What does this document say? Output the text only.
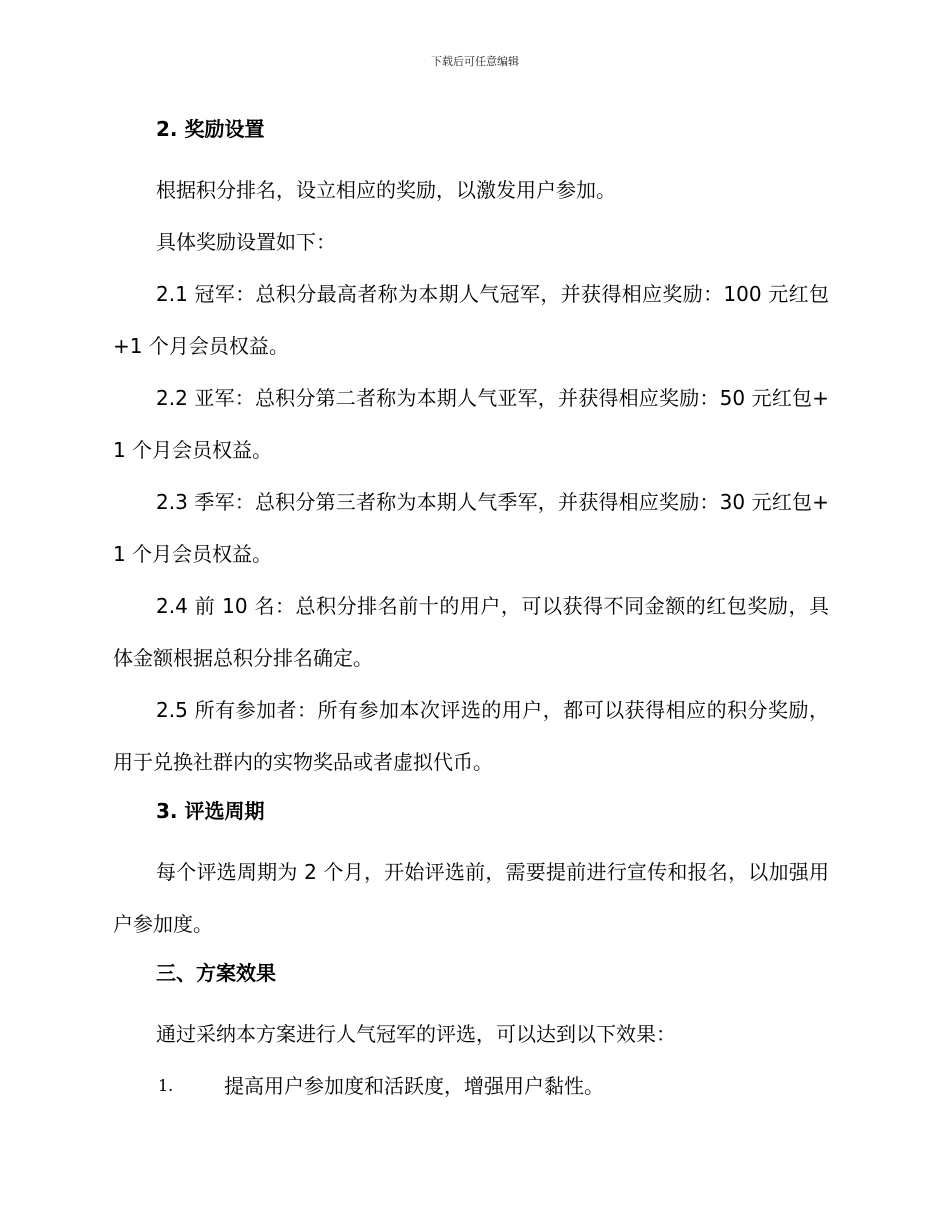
下载后可任意编辑
2. 奖励设置

根据积分排名，设立相应的奖励，以激发用户参加。

具体奖励设置如下：

2.1 冠军：总积分最高者称为本期人气冠军，并获得相应奖励：100 元红包+1 个月会员权益。

2.2 亚军：总积分第二者称为本期人气亚军，并获得相应奖励：50 元红包+1 个月会员权益。

2.3 季军：总积分第三者称为本期人气季军，并获得相应奖励：30 元红包+1 个月会员权益。

2.4 前 10 名：总积分排名前十的用户，可以获得不同金额的红包奖励，具体金额根据总积分排名确定。

2.5 所有参加者：所有参加本次评选的用户，都可以获得相应的积分奖励，用于兑换社群内的实物奖品或者虚拟代币。

3. 评选周期

每个评选周期为 2 个月，开始评选前，需要提前进行宣传和报名，以加强用户参加度。

三、方案效果

通过采纳本方案进行人气冠军的评选，可以达到以下效果：

1.	提高用户参加度和活跃度，增强用户黏性。
